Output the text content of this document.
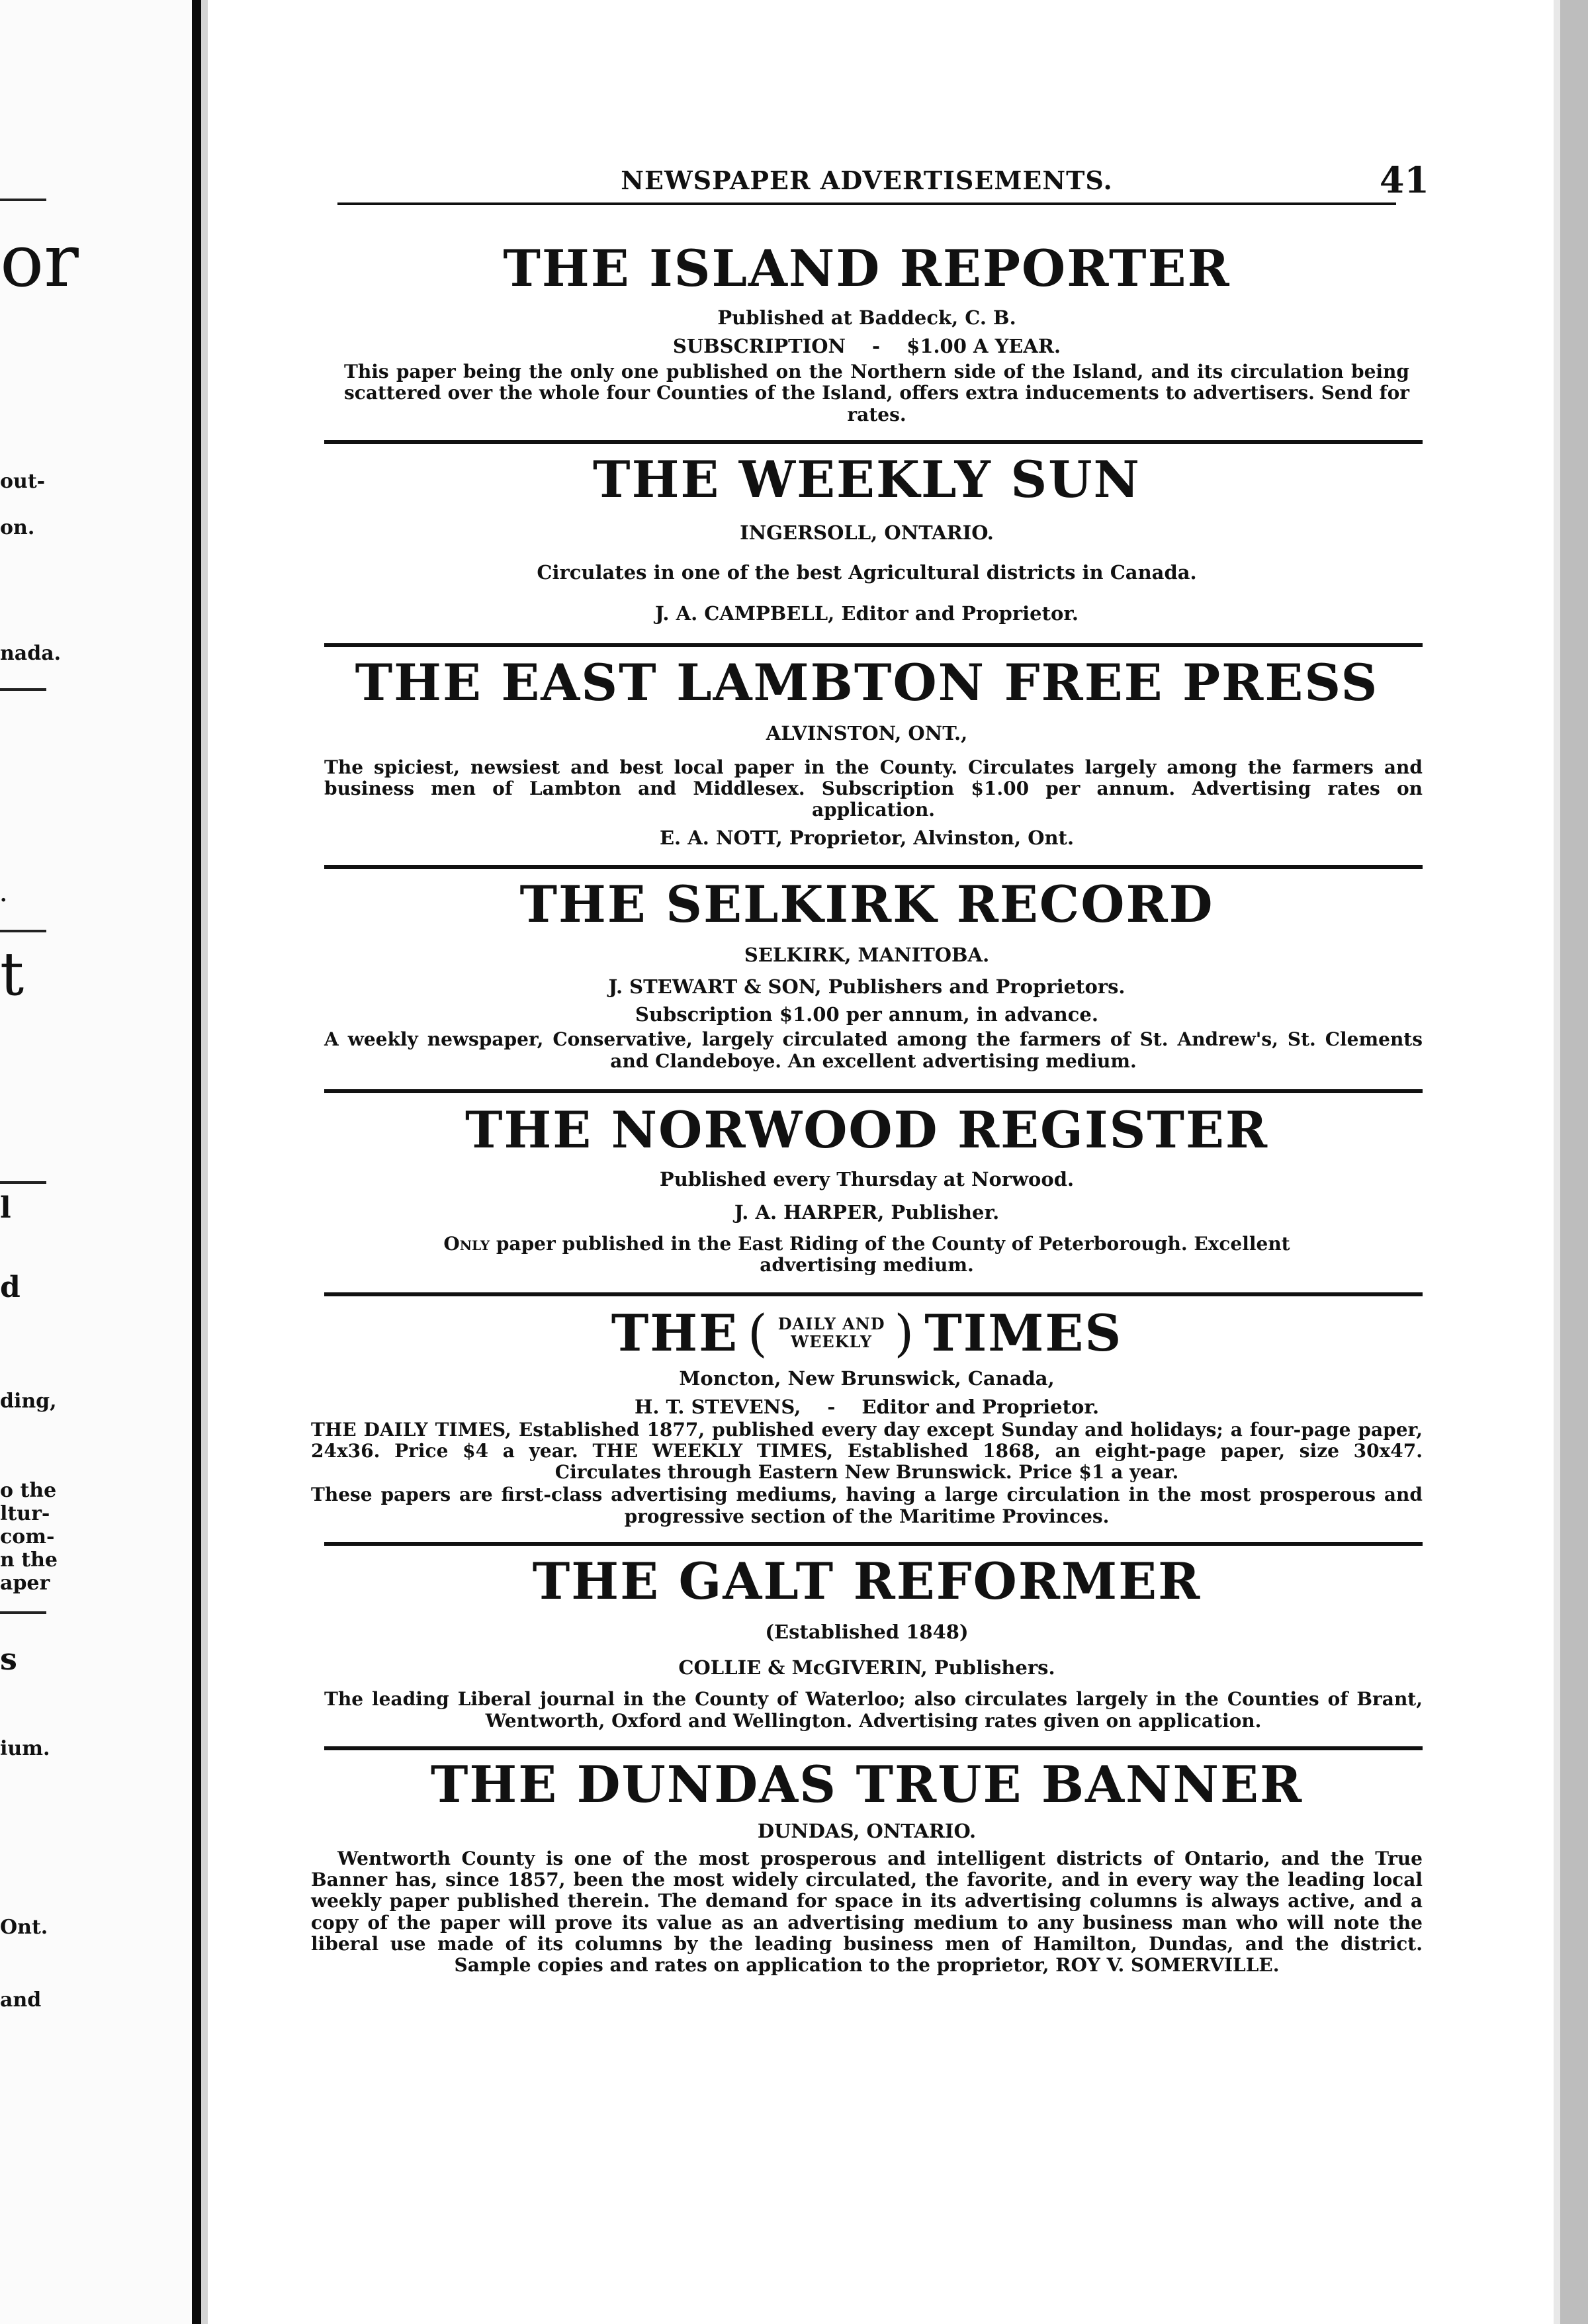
or
out-
on.
nada.
.
t
l
d
ding,
o the
ltur-
com-
n the
aper
s
ium.
Ont.
and
NEWSPAPER ADVERTISEMENTS.	41
THE ISLAND REPORTER
Published at Baddeck, C. B.
SUBSCRIPTION - $1.00 A YEAR.
This paper being the only one published on the Northern side of the Island, and its circulation being scattered over the whole four Counties of the Island, offers extra inducements to advertisers. Send for rates.
THE WEEKLY SUN
INGERSOLL, ONTARIO.
Circulates in one of the best Agricultural districts in Canada.
J. A. CAMPBELL, Editor and Proprietor.
THE EAST LAMBTON FREE PRESS
ALVINSTON, ONT.,
The spiciest, newsiest and best local paper in the County. Circulates largely among the farmers and business men of Lambton and Middlesex. Subscription $1.00 per annum. Advertising rates on application.
E. A. NOTT, Proprietor, Alvinston, Ont.
THE SELKIRK RECORD
SELKIRK, MANITOBA.
J. STEWART & SON, Publishers and Proprietors.
Subscription $1.00 per annum, in advance.
A weekly newspaper, Conservative, largely circulated among the farmers of St. Andrew's, St. Clements and Clandeboye. An excellent advertising medium.
THE NORWOOD REGISTER
Published every Thursday at Norwood.
J. A. HARPER, Publisher.
Only paper published in the East Riding of the County of Peterborough. Excellent advertising medium.
THE ( DAILY AND
WEEKLY ) TIMES
Moncton, New Brunswick, Canada,
H. T. STEVENS, - Editor and Proprietor.
THE DAILY TIMES, Established 1877, published every day except Sunday and holidays; a four-page paper, 24x36. Price $4 a year. THE WEEKLY TIMES, Established 1868, an eight-page paper, size 30x47. Circulates through Eastern New Brunswick. Price $1 a year.
These papers are first-class advertising mediums, having a large circulation in the most prosperous and progressive section of the Maritime Provinces.
THE GALT REFORMER
(Established 1848)
COLLIE & McGIVERIN, Publishers.
The leading Liberal journal in the County of Waterloo; also circulates largely in the Counties of Brant, Wentworth, Oxford and Wellington. Advertising rates given on application.
THE DUNDAS TRUE BANNER
DUNDAS, ONTARIO.
Wentworth County is one of the most prosperous and intelligent districts of Ontario, and the True Banner has, since 1857, been the most widely circulated, the favorite, and in every way the leading local weekly paper published therein. The demand for space in its advertising columns is always active, and a copy of the paper will prove its value as an advertising medium to any business man who will note the liberal use made of its columns by the leading business men of Hamilton, Dundas, and the district. Sample copies and rates on application to the proprietor, ROY V. SOMERVILLE.
